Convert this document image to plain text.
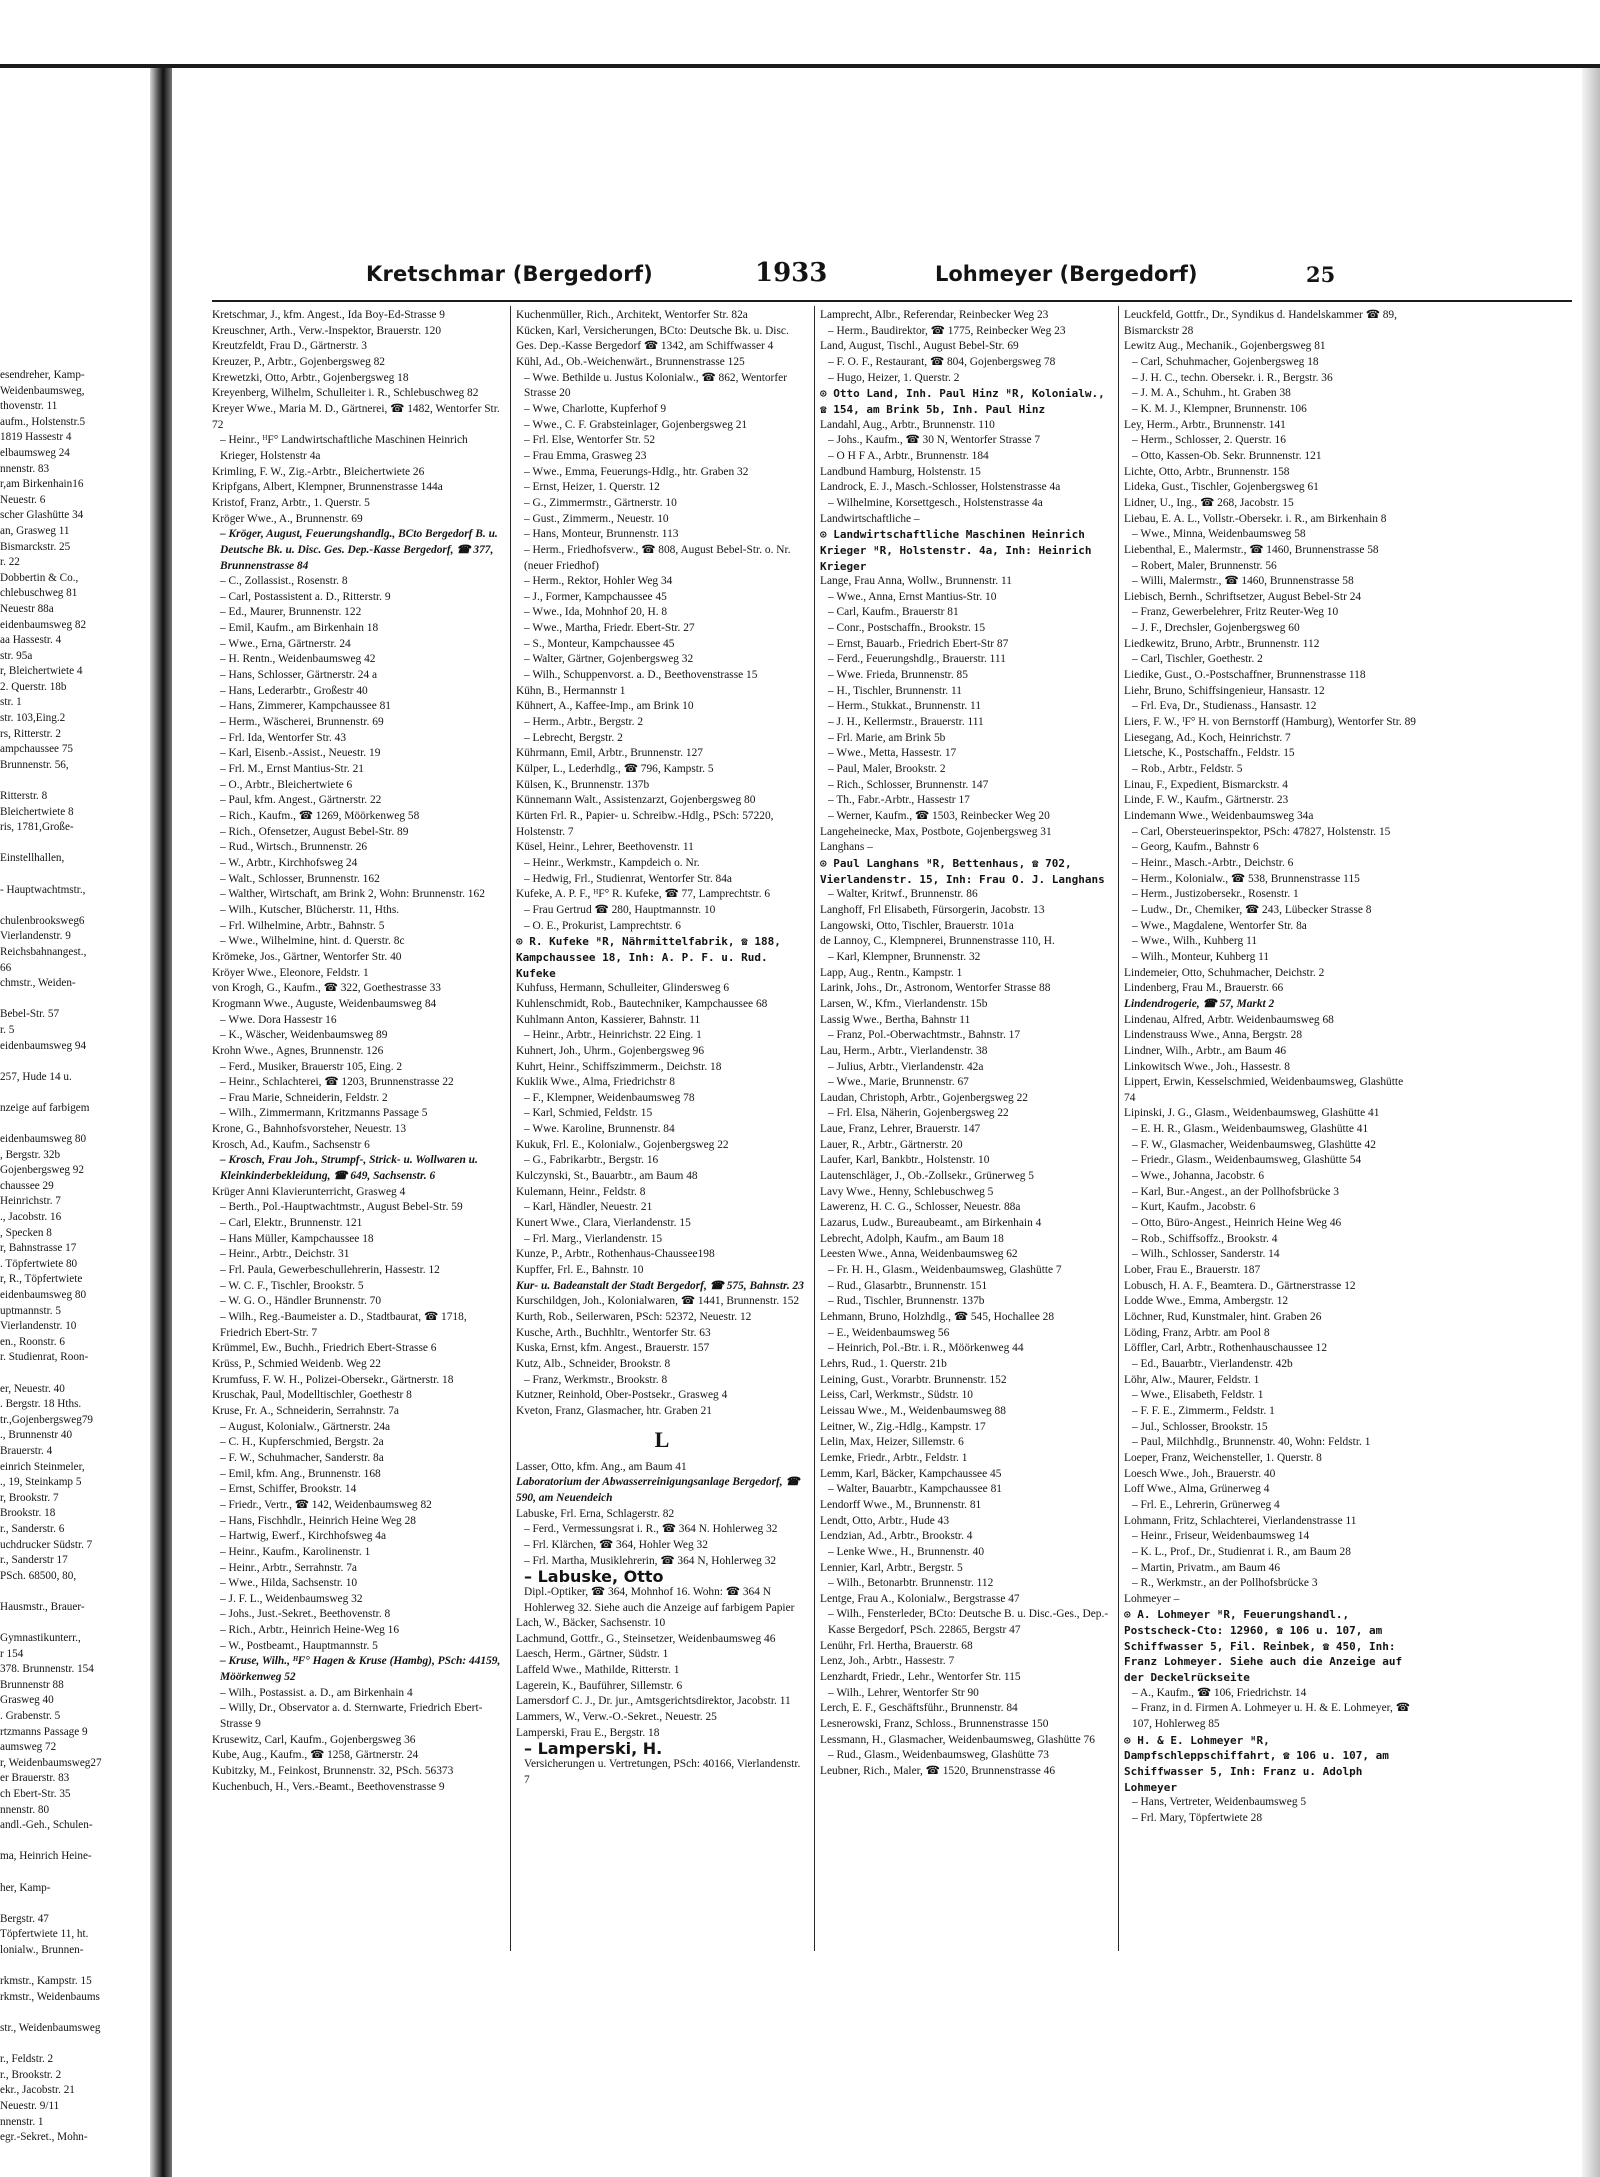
esendreher, Kamp-
Weidenbaumsweg,
thovenstr. 11
aufm., Holstenstr.5
1819 Hassestr 4
elbaumsweg 24
nnenstr. 83
r,am Birkenhain16
Neuestr. 6
scher Glashütte 34
an, Grasweg 11
Bismarckstr. 25
r. 22
Dobbertin & Co.,
chlebuschweg 81
Neuestr 88a
eidenbaumsweg 82
aa Hassestr. 4
str. 95a
r, Bleichertwiete 4
2. Querstr. 18b
str. 1
str. 103,Eing.2
rs, Ritterstr. 2
ampchaussee 75
Brunnenstr. 56,
Ritterstr. 8
Bleichertwiete 8
ris, 1781,Große-
Einstellhallen,
- Hauptwachtmstr.,
chulenbrooksweg6
Vierlandenstr. 9
Reichsbahnangest.,
66
chmstr., Weiden-
Bebel-Str. 57
r. 5
eidenbaumsweg 94
257, Hude 14 u.
nzeige auf farbigem
eidenbaumsweg 80
, Bergstr. 32b
Gojenbergsweg 92
chaussee 29
Heinrichstr. 7
., Jacobstr. 16
, Specken 8
r, Bahnstrasse 17
. Töpfertwiete 80
r, R., Töpfertwiete
eidenbaumsweg 80
uptmannstr. 5
Vierlandenstr. 10
en., Roonstr. 6
r. Studienrat, Roon-
er, Neuestr. 40
. Bergstr. 18 Hths.
tr.,Gojenbergsweg79
., Brunnenstr 40
Brauerstr. 4
einrich Steinmeler,
., 19, Steinkamp 5
r, Brookstr. 7
Brookstr. 18
r., Sanderstr. 6
uchdrucker Südstr. 7
r., Sanderstr 17
PSch. 68500, 80,
Hausmstr., Brauer-
Gymnastikunterr.,
r 154
378. Brunnenstr. 154
Brunnenstr 88
Grasweg 40
. Grabenstr. 5
rtzmanns Passage 9
aumsweg 72
r, Weidenbaumsweg27
er Brauerstr. 83
ch Ebert-Str. 35
nnenstr. 80
andl.-Geh., Schulen-
ma, Heinrich Heine-
her, Kamp-
Bergstr. 47
Töpfertwiete 11, ht.
lonialw., Brunnen-
rkmstr., Kampstr. 15
rkmstr., Weidenbaums
str., Weidenbaumsweg
r., Feldstr. 2
r., Brookstr. 2
ekr., Jacobstr. 21
Neuestr. 9/11
nnenstr. 1
egr.-Sekret., Mohn-
Kretschmar (Bergedorf)	1933	Lohmeyer (Bergedorf)	25
Kretschmar, J., kfm. Angest., Ida Boy-Ed-Strasse 9
Kreuschner, Arth., Verw.-Inspektor, Brauerstr. 120
Kreutzfeldt, Frau D., Gärtnerstr. 3
Kreuzer, P., Arbtr., Gojenbergsweg 82
Krewetzki, Otto, Arbtr., Gojenbergsweg 18
Kreyenberg, Wilhelm, Schulleiter i. R., Schlebuschweg 82
Kreyer Wwe., Maria M. D., Gärtnerei, ☎ 1482, Wentorfer Str. 72
– Heinr., ᴴF° Landwirtschaftliche Maschinen Heinrich Krieger, Holstenstr 4a
Krimling, F. W., Zig.-Arbtr., Bleichertwiete 26
Kripfgans, Albert, Klempner, Brunnenstrasse 144a
Kristof, Franz, Arbtr., 1. Querstr. 5
Kröger Wwe., A., Brunnenstr. 69
– Kröger, August, Feuerungshandlg., BCto Bergedorf B. u. Deutsche Bk. u. Disc. Ges. Dep.-Kasse Bergedorf, ☎ 377, Brunnenstrasse 84
– C., Zollassist., Rosenstr. 8
– Carl, Postassistent a. D., Ritterstr. 9
– Ed., Maurer, Brunnenstr. 122
– Emil, Kaufm., am Birkenhain 18
– Wwe., Erna, Gärtnerstr. 24
– H. Rentn., Weidenbaumsweg 42
– Hans, Schlosser, Gärtnerstr. 24 a
– Hans, Lederarbtr., Großestr 40
– Hans, Zimmerer, Kampchaussee 81
– Herm., Wäscherei, Brunnenstr. 69
– Frl. Ida, Wentorfer Str. 43
– Karl, Eisenb.-Assist., Neuestr. 19
– Frl. M., Ernst Mantius-Str. 21
– O., Arbtr., Bleichertwiete 6
– Paul, kfm. Angest., Gärtnerstr. 22
– Rich., Kaufm., ☎ 1269, Möörkenweg 58
– Rich., Ofensetzer, August Bebel-Str. 89
– Rud., Wirtsch., Brunnenstr. 26
– W., Arbtr., Kirchhofsweg 24
– Walt., Schlosser, Brunnenstr. 162
– Walther, Wirtschaft, am Brink 2, Wohn: Brunnenstr. 162
– Wilh., Kutscher, Blücherstr. 11, Hths.
– Frl. Wilhelmine, Arbtr., Bahnstr. 5
– Wwe., Wilhelmine, hint. d. Querstr. 8c
Krömeke, Jos., Gärtner, Wentorfer Str. 40
Kröyer Wwe., Eleonore, Feldstr. 1
von Krogh, G., Kaufm., ☎ 322, Goethestrasse 33
Krogmann Wwe., Auguste, Weidenbaumsweg 84
– Wwe. Dora Hassestr 16
– K., Wäscher, Weidenbaumsweg 89
Krohn Wwe., Agnes, Brunnenstr. 126
– Ferd., Musiker, Brauerstr 105, Eing. 2
– Heinr., Schlachterei, ☎ 1203, Brunnenstrasse 22
– Frau Marie, Schneiderin, Feldstr. 2
– Wilh., Zimmermann, Kritzmanns Passage 5
Krone, G., Bahnhofsvorsteher, Neuestr. 13
Krosch, Ad., Kaufm., Sachsenstr 6
– Krosch, Frau Joh., Strumpf-, Strick- u. Wollwaren u. Kleinkinderbekleidung, ☎ 649, Sachsenstr. 6
Krüger Anni Klavierunterricht, Grasweg 4
– Berth., Pol.-Hauptwachtmstr., August Bebel-Str. 59
– Carl, Elektr., Brunnenstr. 121
– Hans Müller, Kampchaussee 18
– Heinr., Arbtr., Deichstr. 31
– Frl. Paula, Gewerbeschullehrerin, Hassestr. 12
– W. C. F., Tischler, Brookstr. 5
– W. G. O., Händler Brunnenstr. 70
– Wilh., Reg.-Baumeister a. D., Stadtbaurat, ☎ 1718, Friedrich Ebert-Str. 7
Krümmel, Ew., Buchh., Friedrich Ebert-Strasse 6
Krüss, P., Schmied Weidenb. Weg 22
Krumfuss, F. W. H., Polizei-Obersekr., Gärtnerstr. 18
Kruschak, Paul, Modelltischler, Goethestr 8
Kruse, Fr. A., Schneiderin, Serrahnstr. 7a
– August, Kolonialw., Gärtnerstr. 24a
– C. H., Kupferschmied, Bergstr. 2a
– F. W., Schuhmacher, Sanderstr. 8a
– Emil, kfm. Ang., Brunnenstr. 168
– Ernst, Schiffer, Brookstr. 14
– Friedr., Vertr., ☎ 142, Weidenbaumsweg 82
– Hans, Fischhdlr., Heinrich Heine Weg 28
– Hartwig, Ewerf., Kirchhofsweg 4a
– Heinr., Kaufm., Karolinenstr. 1
– Heinr., Arbtr., Serrahnstr. 7a
– Wwe., Hilda, Sachsenstr. 10
– J. F. L., Weidenbaumsweg 32
– Johs., Just.-Sekret., Beethovenstr. 8
– Rich., Arbtr., Heinrich Heine-Weg 16
– W., Postbeamt., Hauptmannstr. 5
– Kruse, Wilh., ᴴF° Hagen & Kruse (Hambg), PSch: 44159, Möörkenweg 52
– Wilh., Postassist. a. D., am Birkenhain 4
– Willy, Dr., Observator a. d. Sternwarte, Friedrich Ebert-Strasse 9
Krusewitz, Carl, Kaufm., Gojenbergsweg 36
Kube, Aug., Kaufm., ☎ 1258, Gärtnerstr. 24
Kubitzky, M., Feinkost, Brunnenstr. 32, PSch. 56373
Kuchenbuch, H., Vers.-Beamt., Beethovenstrasse 9
Kuchenmüller, Rich., Architekt, Wentorfer Str. 82a
Kücken, Karl, Versicherungen, BCto: Deutsche Bk. u. Disc. Ges. Dep.-Kasse Bergedorf ☎ 1342, am Schiffwasser 4
Kühl, Ad., Ob.-Weichenwärt., Brunnenstrasse 125
– Wwe. Bethilde u. Justus Kolonialw., ☎ 862, Wentorfer Strasse 20
– Wwe, Charlotte, Kupferhof 9
– Wwe., C. F. Grabsteinlager, Gojenbergsweg 21
– Frl. Else, Wentorfer Str. 52
– Frau Emma, Grasweg 23
– Wwe., Emma, Feuerungs-Hdlg., htr. Graben 32
– Ernst, Heizer, 1. Querstr. 12
– G., Zimmermstr., Gärtnerstr. 10
– Gust., Zimmerm., Neuestr. 10
– Hans, Monteur, Brunnenstr. 113
– Herm., Friedhofsverw., ☎ 808, August Bebel-Str. o. Nr. (neuer Friedhof)
– Herm., Rektor, Hohler Weg 34
– J., Former, Kampchaussee 45
– Wwe., Ida, Mohnhof 20, H. 8
– Wwe., Martha, Friedr. Ebert-Str. 27
– S., Monteur, Kampchaussee 45
– Walter, Gärtner, Gojenbergsweg 32
– Wilh., Schuppenvorst. a. D., Beethovenstrasse 15
Kühn, B., Hermannstr 1
Kühnert, A., Kaffee-Imp., am Brink 10
– Herm., Arbtr., Bergstr. 2
– Lebrecht, Bergstr. 2
Kührmann, Emil, Arbtr., Brunnenstr. 127
Külper, L., Lederhdlg., ☎ 796, Kampstr. 5
Külsen, K., Brunnenstr. 137b
Künnemann Walt., Assistenzarzt, Gojenbergsweg 80
Kürten Frl. R., Papier- u. Schreibw.-Hdlg., PSch: 57220, Holstenstr. 7
Küsel, Heinr., Lehrer, Beethovenstr. 11
– Heinr., Werkmstr., Kampdeich o. Nr.
– Hedwig, Frl., Studienrat, Wentorfer Str. 84a
Kufeke, A. P. F., ᴴF° R. Kufeke, ☎ 77, Lamprechtstr. 6
– Frau Gertrud ☎ 280, Hauptmannstr. 10
– O. E., Prokurist, Lamprechtstr. 6
⊙ R. Kufeke ᴴR, Nährmittelfabrik, ☎ 188, Kampchaussee 18, Inh: A. P. F. u. Rud. Kufeke
Kuhfuss, Hermann, Schulleiter, Glindersweg 6
Kuhlenschmidt, Rob., Bautechniker, Kampchaussee 68
Kuhlmann Anton, Kassierer, Bahnstr. 11
– Heinr., Arbtr., Heinrichstr. 22 Eing. 1
Kuhnert, Joh., Uhrm., Gojenbergsweg 96
Kuhrt, Heinr., Schiffszimmerm., Deichstr. 18
Kuklik Wwe., Alma, Friedrichstr 8
– F., Klempner, Weidenbaumsweg 78
– Karl, Schmied, Feldstr. 15
– Wwe. Karoline, Brunnenstr. 84
Kukuk, Frl. E., Kolonialw., Gojenbergsweg 22
– G., Fabrikarbtr., Bergstr. 16
Kulczynski, St., Bauarbtr., am Baum 48
Kulemann, Heinr., Feldstr. 8
– Karl, Händler, Neuestr. 21
Kunert Wwe., Clara, Vierlandenstr. 15
– Frl. Marg., Vierlandenstr. 15
Kunze, P., Arbtr., Rothenhaus-Chaussee198
Kupffer, Frl. E., Bahnstr. 10
Kur- u. Badeanstalt der Stadt Bergedorf, ☎ 575, Bahnstr. 23
Kurschildgen, Joh., Kolonialwaren, ☎ 1441, Brunnenstr. 152
Kurth, Rob., Seilerwaren, PSch: 52372, Neuestr. 12
Kusche, Arth., Buchhltr., Wentorfer Str. 63
Kuska, Ernst, kfm. Angest., Brauerstr. 157
Kutz, Alb., Schneider, Brookstr. 8
– Franz, Werkmstr., Brookstr. 8
Kutzner, Reinhold, Ober-Postsekr., Grasweg 4
Kveton, Franz, Glasmacher, htr. Graben 21
L
Lasser, Otto, kfm. Ang., am Baum 41
Laboratorium der Abwasserreinigungsanlage Bergedorf, ☎ 590, am Neuendeich
Labuske, Frl. Erna, Schlagerstr. 82
– Ferd., Vermessungsrat i. R., ☎ 364 N. Hohlerweg 32
– Frl. Klärchen, ☎ 364, Hohler Weg 32
– Frl. Martha, Musiklehrerin, ☎ 364 N, Hohlerweg 32
– Labuske, Otto
Dipl.-Optiker, ☎ 364, Mohnhof 16. Wohn: ☎ 364 N Hohlerweg 32. Siehe auch die Anzeige auf farbigem Papier
Lach, W., Bäcker, Sachsenstr. 10
Lachmund, Gottfr., G., Steinsetzer, Weidenbaumsweg 46
Laesch, Herm., Gärtner, Südstr. 1
Laffeld Wwe., Mathilde, Ritterstr. 1
Lagerein, K., Bauführer, Sillemstr. 6
Lamersdorf C. J., Dr. jur., Amtsgerichtsdirektor, Jacobstr. 11
Lammers, W., Verw.-O.-Sekret., Neuestr. 25
Lamperski, Frau E., Bergstr. 18
– Lamperski, H.
Versicherungen u. Vertretungen, PSch: 40166, Vierlandenstr. 7
Lamprecht, Albr., Referendar, Reinbecker Weg 23
– Herm., Baudirektor, ☎ 1775, Reinbecker Weg 23
Land, August, Tischl., August Bebel-Str. 69
– F. O. F., Restaurant, ☎ 804, Gojenbergsweg 78
– Hugo, Heizer, 1. Querstr. 2
⊙ Otto Land, Inh. Paul Hinz ᴴR, Kolonialw., ☎ 154, am Brink 5b, Inh. Paul Hinz
Landahl, Aug., Arbtr., Brunnenstr. 110
– Johs., Kaufm., ☎ 30 N, Wentorfer Strasse 7
– O H F A., Arbtr., Brunnenstr. 184
Landbund Hamburg, Holstenstr. 15
Landrock, E. J., Masch.-Schlosser, Holstenstrasse 4a
– Wilhelmine, Korsettgesch., Holstenstrasse 4a
Landwirtschaftliche –
⊙ Landwirtschaftliche Maschinen Heinrich Krieger ᴴR, Holstenstr. 4a, Inh: Heinrich Krieger
Lange, Frau Anna, Wollw., Brunnenstr. 11
– Wwe., Anna, Ernst Mantius-Str. 10
– Carl, Kaufm., Brauerstr 81
– Conr., Postschaffn., Brookstr. 15
– Ernst, Bauarb., Friedrich Ebert-Str 87
– Ferd., Feuerungshdlg., Brauerstr. 111
– Wwe. Frieda, Brunnenstr. 85
– H., Tischler, Brunnenstr. 11
– Herm., Stukkat., Brunnenstr. 11
– J. H., Kellermstr., Brauerstr. 111
– Frl. Marie, am Brink 5b
– Wwe., Metta, Hassestr. 17
– Paul, Maler, Brookstr. 2
– Rich., Schlosser, Brunnenstr. 147
– Th., Fabr.-Arbtr., Hassestr 17
– Werner, Kaufm., ☎ 1503, Reinbecker Weg 20
Langeheinecke, Max, Postbote, Gojenbergsweg 31
Langhans –
⊙ Paul Langhans ᴴR, Bettenhaus, ☎ 702, Vierlandenstr. 15, Inh: Frau O. J. Langhans
– Walter, Kritwf., Brunnenstr. 86
Langhoff, Frl Elisabeth, Fürsorgerin, Jacobstr. 13
Langowski, Otto, Tischler, Brauerstr. 101a
de Lannoy, C., Klempnerei, Brunnenstrasse 110, H.
– Karl, Klempner, Brunnenstr. 32
Lapp, Aug., Rentn., Kampstr. 1
Larink, Johs., Dr., Astronom, Wentorfer Strasse 88
Larsen, W., Kfm., Vierlandenstr. 15b
Lassig Wwe., Bertha, Bahnstr 11
– Franz, Pol.-Oberwachtmstr., Bahnstr. 17
Lau, Herm., Arbtr., Vierlandenstr. 38
– Julius, Arbtr., Vierlandenstr. 42a
– Wwe., Marie, Brunnenstr. 67
Laudan, Christoph, Arbtr., Gojenbergsweg 22
– Frl. Elsa, Näherin, Gojenbergsweg 22
Laue, Franz, Lehrer, Brauerstr. 147
Lauer, R., Arbtr., Gärtnerstr. 20
Laufer, Karl, Bankbtr., Holstenstr. 10
Lautenschläger, J., Ob.-Zollsekr., Grünerweg 5
Lavy Wwe., Henny, Schlebuschweg 5
Lawerenz, H. C. G., Schlosser, Neuestr. 88a
Lazarus, Ludw., Bureaubeamt., am Birkenhain 4
Lebrecht, Adolph, Kaufm., am Baum 18
Leesten Wwe., Anna, Weidenbaumsweg 62
– Fr. H. H., Glasm., Weidenbaumsweg, Glashütte 7
– Rud., Glasarbtr., Brunnenstr. 151
– Rud., Tischler, Brunnenstr. 137b
Lehmann, Bruno, Holzhdlg., ☎ 545, Hochallee 28
– E., Weidenbaumsweg 56
– Heinrich, Pol.-Btr. i. R., Möörkenweg 44
Lehrs, Rud., 1. Querstr. 21b
Leining, Gust., Vorarbtr. Brunnenstr. 152
Leiss, Carl, Werkmstr., Südstr. 10
Leissau Wwe., M., Weidenbaumsweg 88
Leitner, W., Zig.-Hdlg., Kampstr. 17
Lelin, Max, Heizer, Sillemstr. 6
Lemke, Friedr., Arbtr., Feldstr. 1
Lemm, Karl, Bäcker, Kampchaussee 45
– Walter, Bauarbtr., Kampchaussee 81
Lendorff Wwe., M., Brunnenstr. 81
Lendt, Otto, Arbtr., Hude 43
Lendzian, Ad., Arbtr., Brookstr. 4
– Lenke Wwe., H., Brunnenstr. 40
Lennier, Karl, Arbtr., Bergstr. 5
– Wilh., Betonarbtr. Brunnenstr. 112
Lentge, Frau A., Kolonialw., Bergstrasse 47
– Wilh., Fensterleder, BCto: Deutsche B. u. Disc.-Ges., Dep.-Kasse Bergedorf, PSch. 22865, Bergstr 47
Lenühr, Frl. Hertha, Brauerstr. 68
Lenz, Joh., Arbtr., Hassestr. 7
Lenzhardt, Friedr., Lehr., Wentorfer Str. 115
– Wilh., Lehrer, Wentorfer Str 90
Lerch, E. F., Geschäftsführ., Brunnenstr. 84
Lesnerowski, Franz, Schloss., Brunnenstrasse 150
Lessmann, H., Glasmacher, Weidenbaumsweg, Glashütte 76
– Rud., Glasm., Weidenbaumsweg, Glashütte 73
Leubner, Rich., Maler, ☎ 1520, Brunnenstrasse 46
Leuckfeld, Gottfr., Dr., Syndikus d. Handelskammer ☎ 89, Bismarckstr 28
Lewitz Aug., Mechanik., Gojenbergsweg 81
– Carl, Schuhmacher, Gojenbergsweg 18
– J. H. C., techn. Obersekr. i. R., Bergstr. 36
– J. M. A., Schuhm., ht. Graben 38
– K. M. J., Klempner, Brunnenstr. 106
Ley, Herm., Arbtr., Brunnenstr. 141
– Herm., Schlosser, 2. Querstr. 16
– Otto, Kassen-Ob. Sekr. Brunnenstr. 121
Lichte, Otto, Arbtr., Brunnenstr. 158
Lideka, Gust., Tischler, Gojenbergsweg 61
Lidner, U., Ing., ☎ 268, Jacobstr. 15
Liebau, E. A. L., Vollstr.-Obersekr. i. R., am Birkenhain 8
– Wwe., Minna, Weidenbaumsweg 58
Liebenthal, E., Malermstr., ☎ 1460, Brunnenstrasse 58
– Robert, Maler, Brunnenstr. 56
– Willi, Malermstr., ☎ 1460, Brunnenstrasse 58
Liebisch, Bernh., Schriftsetzer, August Bebel-Str 24
– Franz, Gewerbelehrer, Fritz Reuter-Weg 10
– J. F., Drechsler, Gojenbergsweg 60
Liedkewitz, Bruno, Arbtr., Brunnenstr. 112
– Carl, Tischler, Goethestr. 2
Liedike, Gust., O.-Postschaffner, Brunnenstrasse 118
Liehr, Bruno, Schiffsingenieur, Hansastr. 12
– Frl. Eva, Dr., Studienass., Hansastr. 12
Liers, F. W., ᴵF° H. von Bernstorff (Hamburg), Wentorfer Str. 89
Liesegang, Ad., Koch, Heinrichstr. 7
Lietsche, K., Postschaffn., Feldstr. 15
– Rob., Arbtr., Feldstr. 5
Linau, F., Expedient, Bismarckstr. 4
Linde, F. W., Kaufm., Gärtnerstr. 23
Lindemann Wwe., Weidenbaumsweg 34a
– Carl, Obersteuerinspektor, PSch: 47827, Holstenstr. 15
– Georg, Kaufm., Bahnstr 6
– Heinr., Masch.-Arbtr., Deichstr. 6
– Herm., Kolonialw., ☎ 538, Brunnenstrasse 115
– Herm., Justizobersekr., Rosenstr. 1
– Ludw., Dr., Chemiker, ☎ 243, Lübecker Strasse 8
– Wwe., Magdalene, Wentorfer Str. 8a
– Wwe., Wilh., Kuhberg 11
– Wilh., Monteur, Kuhberg 11
Lindemeier, Otto, Schuhmacher, Deichstr. 2
Lindenberg, Frau M., Brauerstr. 66
Lindendrogerie, ☎ 57, Markt 2
Lindenau, Alfred, Arbtr. Weidenbaumsweg 68
Lindenstrauss Wwe., Anna, Bergstr. 28
Lindner, Wilh., Arbtr., am Baum 46
Linkowitsch Wwe., Joh., Hassestr. 8
Lippert, Erwin, Kesselschmied, Weidenbaumsweg, Glashütte 74
Lipinski, J. G., Glasm., Weidenbaumsweg, Glashütte 41
– E. H. R., Glasm., Weidenbaumsweg, Glashütte 41
– F. W., Glasmacher, Weidenbaumsweg, Glashütte 42
– Friedr., Glasm., Weidenbaumsweg, Glashütte 54
– Wwe., Johanna, Jacobstr. 6
– Karl, Bur.-Angest., an der Pollhofsbrücke 3
– Kurt, Kaufm., Jacobstr. 6
– Otto, Büro-Angest., Heinrich Heine Weg 46
– Rob., Schiffsoffz., Brookstr. 4
– Wilh., Schlosser, Sanderstr. 14
Lober, Frau E., Brauerstr. 187
Lobusch, H. A. F., Beamtera. D., Gärtnerstrasse 12
Lodde Wwe., Emma, Ambergstr. 12
Löchner, Rud, Kunstmaler, hint. Graben 26
Löding, Franz, Arbtr. am Pool 8
Löffler, Carl, Arbtr., Rothenhauschaussee 12
– Ed., Bauarbtr., Vierlandenstr. 42b
Löhr, Alw., Maurer, Feldstr. 1
– Wwe., Elisabeth, Feldstr. 1
– F. F. E., Zimmerm., Feldstr. 1
– Jul., Schlosser, Brookstr. 15
– Paul, Milchhdlg., Brunnenstr. 40, Wohn: Feldstr. 1
Loeper, Franz, Weichensteller, 1. Querstr. 8
Loesch Wwe., Joh., Brauerstr. 40
Loff Wwe., Alma, Grünerweg 4
– Frl. E., Lehrerin, Grünerweg 4
Lohmann, Fritz, Schlachterei, Vierlandenstrasse 11
– Heinr., Friseur, Weidenbaumsweg 14
– K. L., Prof., Dr., Studienrat i. R., am Baum 28
– Martin, Privatm., am Baum 46
– R., Werkmstr., an der Pollhofsbrücke 3
Lohmeyer –
⊙ A. Lohmeyer ᴴR, Feuerungshandl., Postscheck-Cto: 12960, ☎ 106 u. 107, am Schiffwasser 5, Fil. Reinbek, ☎ 450, Inh: Franz Lohmeyer. Siehe auch die Anzeige auf der Deckelrückseite
– A., Kaufm., ☎ 106, Friedrichstr. 14
– Franz, in d. Firmen A. Lohmeyer u. H. & E. Lohmeyer, ☎ 107, Hohlerweg 85
⊙ H. & E. Lohmeyer ᴴR, Dampfschleppschiffahrt, ☎ 106 u. 107, am Schiffwasser 5, Inh: Franz u. Adolph Lohmeyer
– Hans, Vertreter, Weidenbaumsweg 5
– Frl. Mary, Töpfertwiete 28
